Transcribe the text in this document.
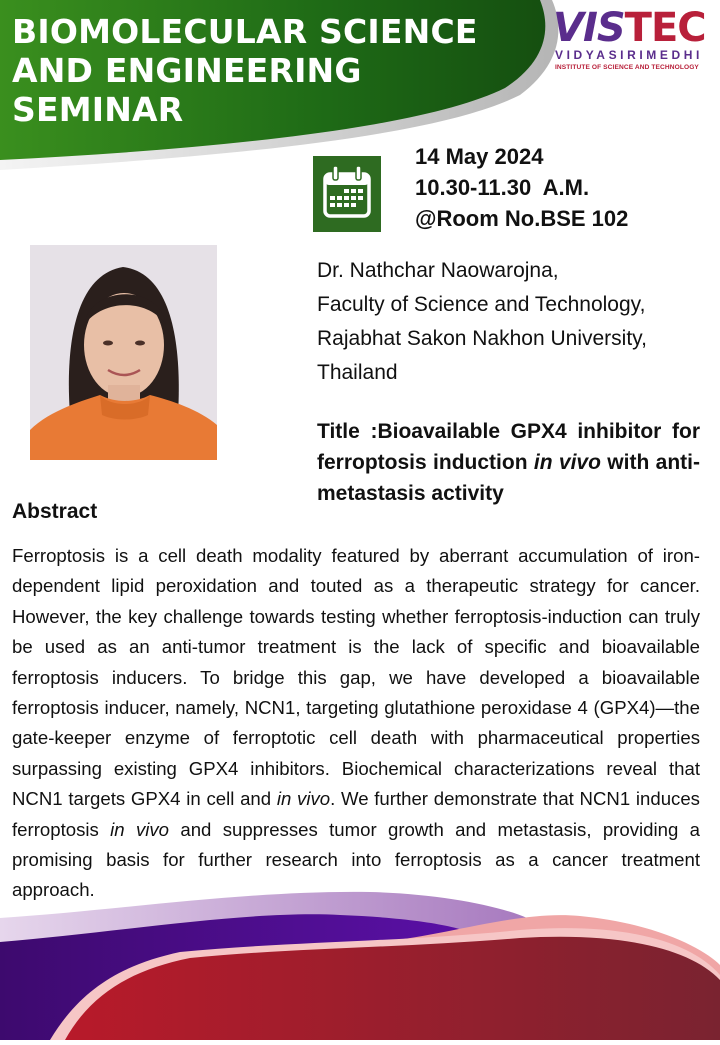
BIOMOLECULAR SCIENCE
AND ENGINEERING
SEMINAR
VISTEC
VIDYASIRIMEDHI
INSTITUTE OF SCIENCE AND TECHNOLOGY
14 May 2024
10.30-11.30  A.M.
@Room No.BSE 102
Dr. Nathchar Naowarojna,
Faculty of Science and Technology,
Rajabhat Sakon Nakhon University,
Thailand
Title :Bioavailable GPX4 inhibitor for ferroptosis induction in vivo with anti-metastasis activity
Abstract
Ferroptosis is a cell death modality featured by aberrant accumulation of iron-dependent lipid peroxidation and touted as a therapeutic strategy for cancer. However, the key challenge towards testing whether ferroptosis-induction can truly be used as an anti-tumor treatment is the lack of specific and bioavailable ferroptosis inducers. To bridge this gap, we have developed a bioavailable ferroptosis inducer, namely, NCN1, targeting glutathione peroxidase 4 (GPX4)—the gate-keeper enzyme of ferroptotic cell death with pharmaceutical properties surpassing existing GPX4 inhibitors. Biochemical characterizations reveal that NCN1 targets GPX4 in cell and in vivo. We further demonstrate that NCN1 induces ferroptosis in vivo and suppresses tumor growth and metastasis, providing a promising basis for further research into ferroptosis as a cancer treatment approach.
